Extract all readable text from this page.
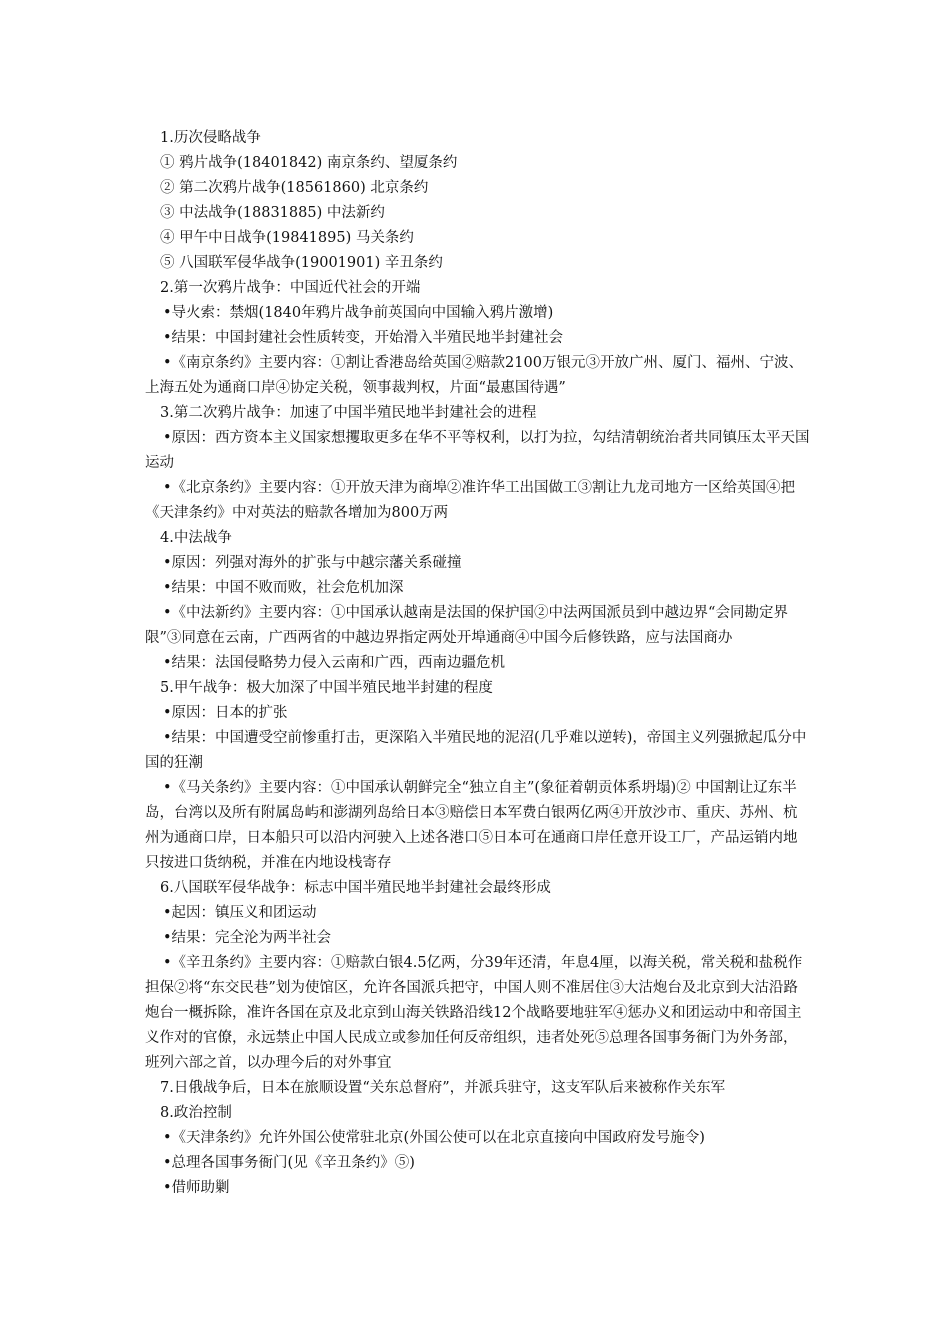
1.历次侵略战争

① 鸦片战争(18401842) 南京条约、望厦条约

② 第二次鸦片战争(18561860) 北京条约

③ 中法战争(18831885) 中法新约

④ 甲午中日战争(19841895) 马关条约

⑤ 八国联军侵华战争(19001901) 辛丑条约

2.第一次鸦片战争：中国近代社会的开端

•导火索：禁烟(1840年鸦片战争前英国向中国输入鸦片激增)

•结果：中国封建社会性质转变，开始滑入半殖民地半封建社会

•《南京条约》主要内容：①割让香港岛给英国②赔款2100万银元③开放广州、厦门、福州、宁波、上海五处为通商口岸④协定关税，领事裁判权，片面“最惠国待遇”

3.第二次鸦片战争：加速了中国半殖民地半封建社会的进程

•原因：西方资本主义国家想攫取更多在华不平等权利，以打为拉，勾结清朝统治者共同镇压太平天国运动

•《北京条约》主要内容：①开放天津为商埠②准许华工出国做工③割让九龙司地方一区给英国④把《天津条约》中对英法的赔款各增加为800万两

4.中法战争

•原因：列强对海外的扩张与中越宗藩关系碰撞

•结果：中国不败而败，社会危机加深

•《中法新约》主要内容：①中国承认越南是法国的保护国②中法两国派员到中越边界“会同勘定界限”③同意在云南，广西两省的中越边界指定两处开埠通商④中国今后修铁路，应与法国商办

•结果：法国侵略势力侵入云南和广西，西南边疆危机

5.甲午战争：极大加深了中国半殖民地半封建的程度

•原因：日本的扩张

•结果：中国遭受空前惨重打击，更深陷入半殖民地的泥沼(几乎难以逆转)，帝国主义列强掀起瓜分中国的狂潮

•《马关条约》主要内容：①中国承认朝鲜完全“独立自主”(象征着朝贡体系坍塌)② 中国割让辽东半岛，台湾以及所有附属岛屿和澎湖列岛给日本③赔偿日本军费白银两亿两④开放沙市、重庆、苏州、杭州为通商口岸，日本船只可以沿内河驶入上述各港口⑤日本可在通商口岸任意开设工厂，产品运销内地只按进口货纳税，并准在内地设栈寄存

6.八国联军侵华战争：标志中国半殖民地半封建社会最终形成

•起因：镇压义和团运动

•结果：完全沦为两半社会

•《辛丑条约》主要内容：①赔款白银4.5亿两，分39年还清，年息4厘，以海关税，常关税和盐税作担保②将“东交民巷”划为使馆区，允许各国派兵把守，中国人则不准居住③大沽炮台及北京到大沽沿路炮台一概拆除，准许各国在京及北京到山海关铁路沿线12个战略要地驻军④惩办义和团运动中和帝国主义作对的官僚，永远禁止中国人民成立或参加任何反帝组织，违者处死⑤总理各国事务衙门为外务部，班列六部之首，以办理今后的对外事宜

7.日俄战争后，日本在旅顺设置“关东总督府”，并派兵驻守，这支军队后来被称作关东军

8.政治控制

•《天津条约》允许外国公使常驻北京(外国公使可以在北京直接向中国政府发号施令)

•总理各国事务衙门(见《辛丑条约》⑤)

•借师助剿
